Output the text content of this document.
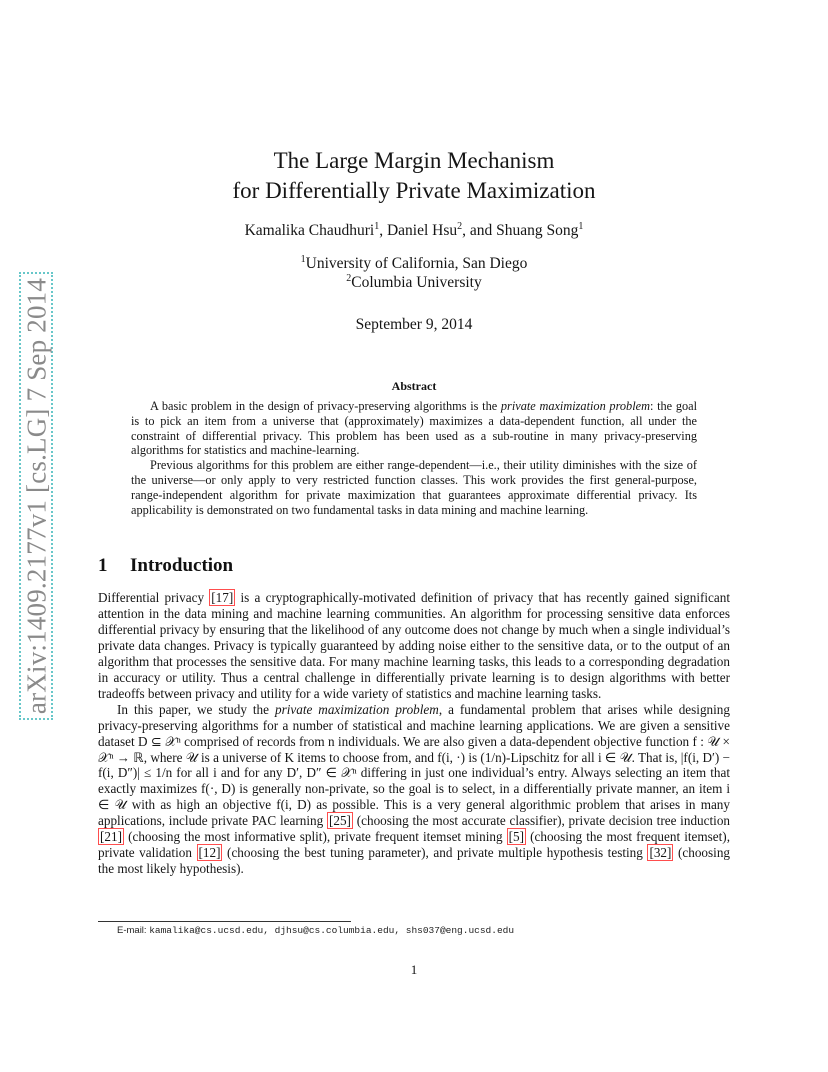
arXiv:1409.2177v1 [cs.LG] 7 Sep 2014
The Large Margin Mechanism
for Differentially Private Maximization
Kamalika Chaudhuri$^1$, Daniel Hsu$^2$, and Shuang Song$^1$
$^1$University of California, San Diego
$^2$Columbia University
September 9, 2014
Abstract

A basic problem in the design of privacy-preserving algorithms is the private maximization problem: the goal is to pick an item from a universe that (approximately) maximizes a data-dependent function, all under the constraint of differential privacy. This problem has been used as a sub-routine in many privacy-preserving algorithms for statistics and machine-learning.

Previous algorithms for this problem are either range-dependent—i.e., their utility diminishes with the size of the universe—or only apply to very restricted function classes. This work provides the first general-purpose, range-independent algorithm for private maximization that guarantees approximate differential privacy. Its applicability is demonstrated on two fundamental tasks in data mining and machine learning.

1 Introduction

Differential privacy [17] is a cryptographically-motivated definition of privacy that has recently gained significant attention in the data mining and machine learning communities. An algorithm for processing sensitive data enforces differential privacy by ensuring that the likelihood of any outcome does not change by much when a single individual’s private data changes. Privacy is typically guaranteed by adding noise either to the sensitive data, or to the output of an algorithm that processes the sensitive data. For many machine learning tasks, this leads to a corresponding degradation in accuracy or utility. Thus a central challenge in differentially private learning is to design algorithms with better tradeoffs between privacy and utility for a wide variety of statistics and machine learning tasks.

In this paper, we study the private maximization problem, a fundamental problem that arises while designing privacy-preserving algorithms for a number of statistical and machine learning applications. We are given a sensitive dataset D ⊆ 𝒳ⁿ comprised of records from n individuals. We are also given a data-dependent objective function f : 𝒰 × 𝒳ⁿ → ℝ, where 𝒰 is a universe of K items to choose from, and f(i, ·) is (1/n)-Lipschitz for all i ∈ 𝒰. That is, |f(i, D′) − f(i, D″)| ≤ 1/n for all i and for any D′, D″ ∈ 𝒳ⁿ differing in just one individual’s entry. Always selecting an item that exactly maximizes f(·, D) is generally non-private, so the goal is to select, in a differentially private manner, an item i ∈ 𝒰 with as high an objective f(i, D) as possible. This is a very general algorithmic problem that arises in many applications, include private PAC learning [25] (choosing the most accurate classifier), private decision tree induction [21] (choosing the most informative split), private frequent itemset mining [5] (choosing the most frequent itemset), private validation [12] (choosing the best tuning parameter), and private multiple hypothesis testing [32] (choosing the most likely hypothesis).

E-mail: kamalika@cs.ucsd.edu, djhsu@cs.columbia.edu, shs037@eng.ucsd.edu
1
